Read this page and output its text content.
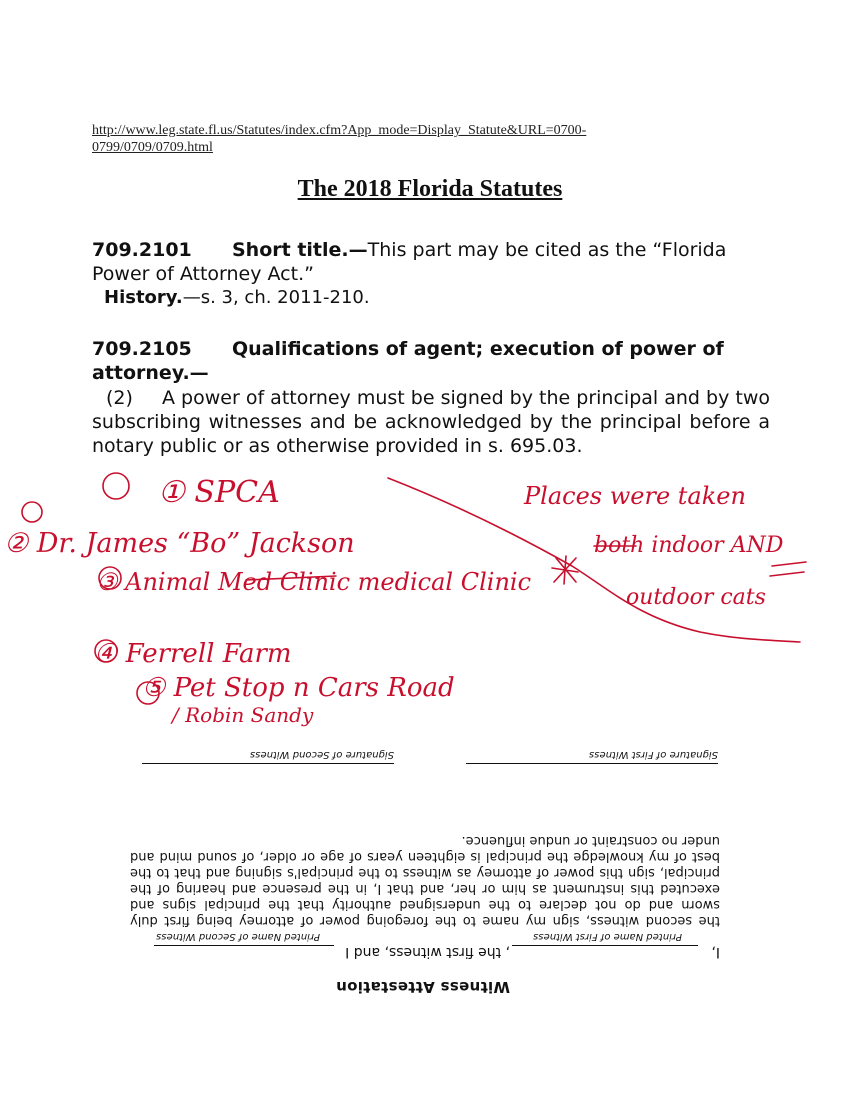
http://www.leg.state.fl.us/Statutes/index.cfm?App_mode=Display_Statute&URL=0700-0799/0709/0709.html
The 2018 Florida Statutes
709.2101 Short title.—This part may be cited as the “Florida Power of Attorney Act.”
History.—s. 3, ch. 2011-210.
709.2105 Qualifications of agent; execution of power of attorney.—
(2) A power of attorney must be signed by the principal and by two subscribing witnesses and be acknowledged by the principal before a notary public or as otherwise provided in s. 695.03.
① SPCA
② Dr. James “Bo” Jackson
③ Animal Med Clinic medical Clinic
④ Ferrell Farm
⑤ Pet Stop n Cars Road
/ Robin Sandy
Places were taken
both indoor AND
outdoor cats
Witness Attestation
I,
, the first witness, and I
Printed Name of First Witness
Printed Name of Second Witness
the second witness, sign my name to the foregoing power of attorney being first duly sworn and do not declare to the undersigned authority that the principal signs and executed this instrument as him or her, and that I, in the presence and hearing of the principal, sign this power of attorney as witness to the principal's signing and that to the best of my knowledge the principal is eighteen years of age or older, of sound mind and under no constraint or undue influence.
Signature of First Witness
Signature of Second Witness
